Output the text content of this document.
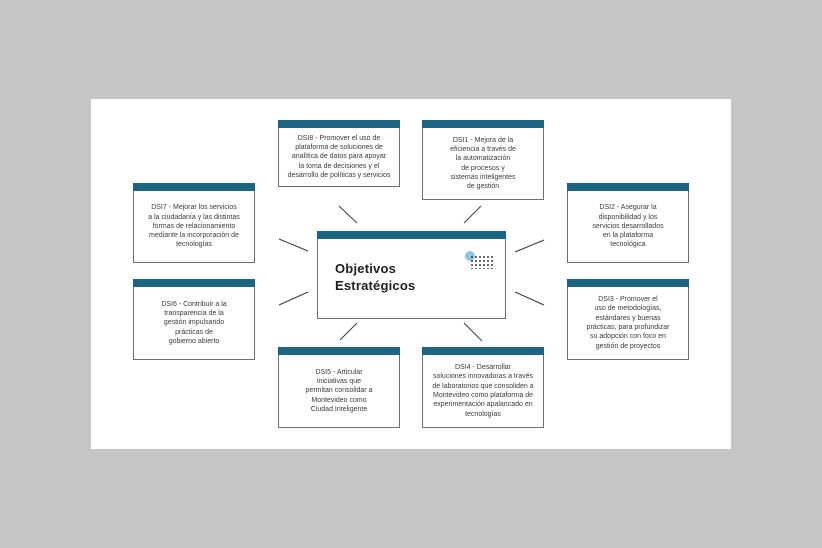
Objetivos
Estratégicos
DSI8 - Promover el uso de
plataforma de soluciones de
analítica de datos para apoyar
la toma de decisiones y el
desarrollo de políticas y servicios
DSI1 - Mejora de la
eficiencia a través de
la automatización
de procesos y
sistemas inteligentes
de gestión
DSI7 - Mejorar los servicios
a la ciudadanía y las distintas
formas de relacionamiento
mediante la incorporación de
tecnologías
DSI2 - Asegurar la
disponibilidad y los
servicios desarrollados
en la plataforma
tecnológica
DSI6 - Contribuir a la
transparencia de la
gestión impulsando
prácticas de
gobierno abierto
DSI3 - Promover el
uso de metodologías,
estándares y buenas
prácticas, para profundizar
su adopción con foco en
gestión de proyectos
DSI5 - Articular
iniciativas que
permitan consolidar a
Montevideo como
Ciudad Inteligente
DSI4 - Desarrollar
soluciones innovadoras a través
de laboratorios que consoliden a
Montevideo como plataforma de
experimentación apalancado en
tecnologías
